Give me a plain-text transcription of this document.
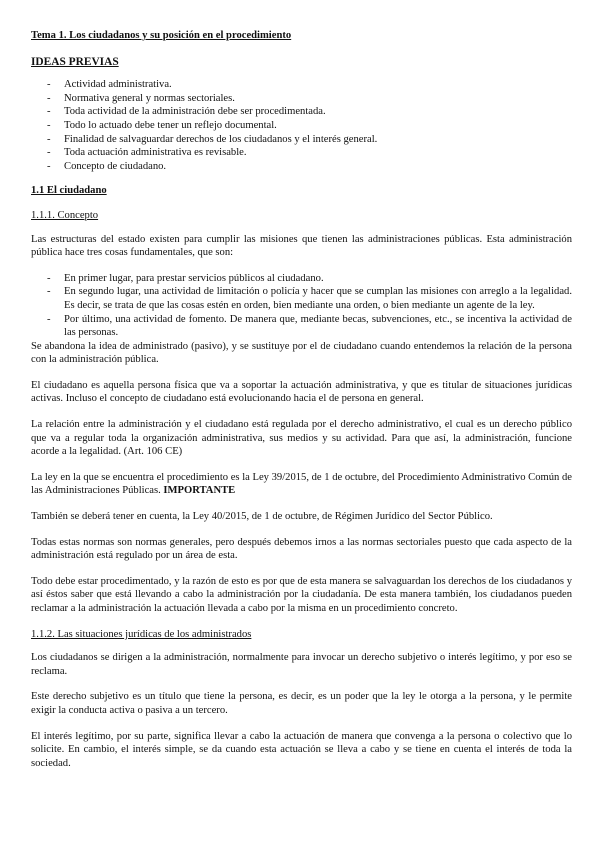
Tema 1. Los ciudadanos y su posición en el procedimiento
IDEAS PREVIAS
- Actividad administrativa.
- Normativa general y normas sectoriales.
- Toda actividad de la administración debe ser procedimentada.
- Todo lo actuado debe tener un reflejo documental.
- Finalidad de salvaguardar derechos de los ciudadanos y el interés general.
- Toda actuación administrativa es revisable.
- Concepto de ciudadano.
1.1 El ciudadano
1.1.1. Concepto

Las estructuras del estado existen para cumplir las misiones que tienen las administraciones públicas. Esta administración pública hace tres cosas fundamentales, que son:

- En primer lugar, para prestar servicios públicos al ciudadano.
- En segundo lugar, una actividad de limitación o policía y hacer que se cumplan las misiones con arreglo a la legalidad. Es decir, se trata de que las cosas estén en orden, bien mediante una orden, o bien mediante un agente de la ley.
- Por último, una actividad de fomento. De manera que, mediante becas, subvenciones, etc., se incentiva la actividad de las personas.

Se abandona la idea de administrado (pasivo), y se sustituye por el de ciudadano cuando entendemos la relación de la persona con la administración pública.

El ciudadano es aquella persona física que va a soportar la actuación administrativa, y que es titular de situaciones jurídicas activas. Incluso el concepto de ciudadano está evolucionando hacia el de persona en general.

La relación entre la administración y el ciudadano está regulada por el derecho administrativo, el cual es un derecho público que va a regular toda la organización administrativa, sus medios y su actividad. Para que así, la administración, funcione acorde a la legalidad. (Art. 106 CE)

La ley en la que se encuentra el procedimiento es la Ley 39/2015, de 1 de octubre, del Procedimiento Administrativo Común de las Administraciones Públicas. IMPORTANTE

También se deberá tener en cuenta, la Ley 40/2015, de 1 de octubre, de Régimen Jurídico del Sector Público.

Todas estas normas son normas generales, pero después debemos irnos a las normas sectoriales puesto que cada aspecto de la administración está regulado por un área de esta.

Todo debe estar procedimentado, y la razón de esto es por que de esta manera se salvaguardan los derechos de los ciudadanos y así éstos saber que está llevando a cabo la administración por la ciudadanía. De esta manera también, los ciudadanos pueden reclamar a la administración la actuación llevada a cabo por la misma en un procedimiento concreto.

1.1.2. Las situaciones jurídicas de los administrados

Los ciudadanos se dirigen a la administración, normalmente para invocar un derecho subjetivo o interés legítimo, y por eso se reclama.

Este derecho subjetivo es un título que tiene la persona, es decir, es un poder que la ley le otorga a la persona, y le permite exigir la conducta activa o pasiva a un tercero.

El interés legítimo, por su parte, significa llevar a cabo la actuación de manera que convenga a la persona o colectivo que lo solicite. En cambio, el interés simple, se da cuando esta actuación se lleva a cabo y se tiene en cuenta el interés de toda la sociedad.
